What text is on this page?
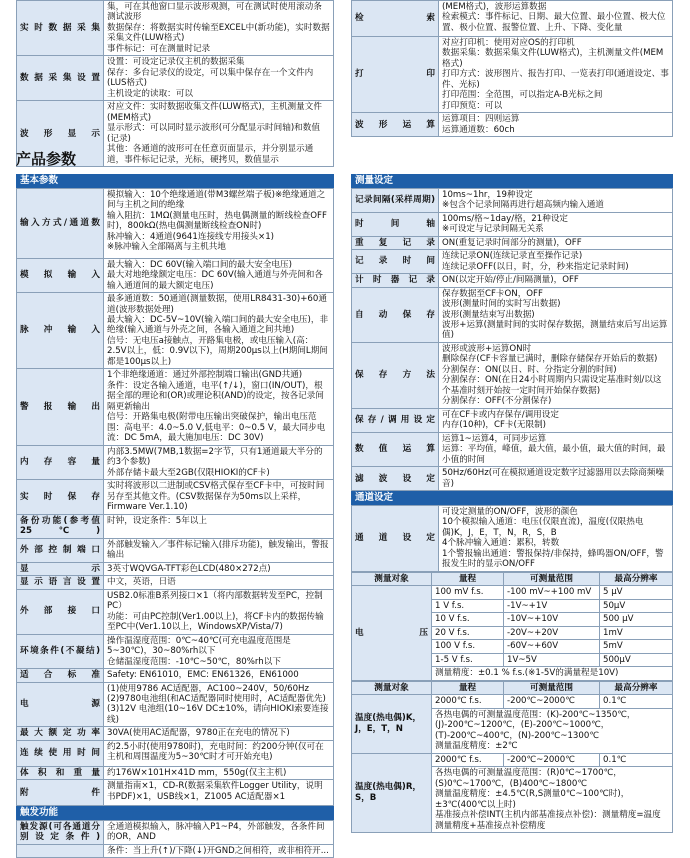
实时数据采集	集，可在其他窗口显示波形观测，可在测试时使用滚动条测试波形
数据保存：将数据实时传输至EXCEL中(新功能)，实时数据采集文件(LUW格式)
事件标记：可在测量时记录
数据采集设置	设置：可设定记录仪主机的数据采集
保存：多台记录仪的设定，可以集中保存在一个文件内(LUS格式)
主机设定的读取：可以
波形显示	对应文件：实时数据收集文件(LUW格式)，主机测量文件(MEM格式)
显示形式：可以同时显示波形(可分配显示时间轴)和数值(记录)
其他：各通道的波形可在任意页面显示，并分别显示通道，事件标记记录，光标，硬拷贝，数值显示
检索	(MEM格式)，波形运算数据
检索模式：事件标记、日期、最大位置、最小位置、极大位置、极小位置、报警位置、上升、下降、变化量
打印	对应打印机：使用对应OS的打印机
数据采集：数据采集文件(LUW格式)，主机测量文件(MEM格式)
打印方式：波形图片、报告打印、一览表打印(通道设定、事件、光标)
打印范围：全范围，可以指定A-B光标之间
打印预览：可以
波形运算	运算项目：四则运算
运算通道数：60ch
产品参数
基本参数
输入方式/通道数	模拟输入：10个绝缘通道(带M3螺丝端子板)※绝缘通道之间与主机之间的绝缘
输入阻抗：1MΩ(测量电压时，热电偶测量的断线检查OFF时)，800kΩ(热电偶测量断线检查ON时)
脉冲输入：4通道(9641连接线专用接头×1)
※脉冲输入全部隔离与主机共地
模拟输入	最大输入：DC 60V(输入端口间的最大安全电压)
最大对地绝缘额定电压：DC 60V(输入通道与外壳间和各输入通道间的最大额定电压)
脉冲输入	最多通道数：50通道(测量数据，使用LR8431-30)+60通道(波形数据处理)
最大输入：DC-5V~10V(输入端口间的最大安全电压)，非绝缘(输入通道与外壳之间，各输入通道之间共地)
信号：无电压a接触点，开路集电极，或电压输入(高：2.5V以上，低：0.9V以下)，周期200μs以上(H期间L期间都是100μs以上)
警报输出	1个非绝缘通道：通过外部控制端口输出(GND共通)
条件：设定各输入通道，电平(↑/↓)，窗口(IN/OUT)，根据全部的理论和(OR)或理论积(AND)的设定，按各记录间隔更新输出
信号：开路集电极(附带电压输出突破保护，输出电压范围：高电平：4.0~5.0 V,低电平：0~0.5 V，最大同步电流：DC 5mA，最大施加电压：DC 30V)
内存容量	内部3.5MW(7MB,1数据=2字节，只有1通道最大半分的约3个参数)
外部存储卡最大至2GB(仅限HIOKI的CF卡)
实时保存	实时将波形以二进制或CSV格式保存至CF卡中，可按时间另存至其他文件。(CSV数据保存为50ms以上采样，Firmware Ver.1.10)
备份功能(参考值25℃)	时钟，设定条件：5年以上
外部控制端口	外部触发输入／事件标记输入(排斥功能)，触发输出，警报输出
显示	3英寸WQVGA-TFT彩色LCD(480×272点)
显示语言设置	中文，英语，日语
外部接口	USB2.0标准B系列接口×1（将内部数据转发至PC，控制PC）
功能：可由PC控制(Ver1.00以上)，将CF卡内的数据传输至PC中(Ver1.10以上，WindowsXP/Vista/7)
环境条件(不凝结)	操作温湿度范围：0℃~40℃(可充电温度范围是5~30℃)，30~80%rh以下
仓储温湿度范围：-10℃~50℃，80%rh以下
适合标准	Safety: EN61010，EMC: EN61326，EN61000
电源	(1)使用9786 AC适配器，AC100~240V，50/60Hz
(2)9780电池组(和AC适配器同时使用时，AC适配器优先)
(3)12V 电池组(10~16V DC±10%，请向HIOKI索要连接线)
最大额定功率	30VA(使用AC适配器，9780正在充电的情况下)
连续使用时间	约2.5小时(使用9780时)，充电时间：约200分钟(仅可在主机和周围温度为5~30℃时才可开始充电)
体积和重量	约176W×101H×41D mm，550g(仅主主机)
附件	测量指南×1，CD-R(数据采集软件Logger Utility，说明书PDF)×1，USB线×1，Z1005 AC适配器×1
触发功能
触发源(可各通道分别设定条件)	全通道模拟输入，脉冲输入P1~P4，外部触发，各条件间的OR，AND
	条件：当上升(↑)/下降(↓)开GND之间相符，或非相符开...
测量设定
记录间隔(采样周期)	10ms~1hr，19种设定
※包含个记录间隔再进行超高频内输入通道
时间轴	100ms/格~1day/格，21种设定
※可设定与记录间隔无关系
重复记录	ON(重复记录时间部分的测量)，OFF
记录时间	连续记录ON(连续记录直至操作记录)
连续记录OFF(以日，时，分，秒来指定记录时间)
计时器记录	ON(以定开始/停止/间隔测量)，OFF
自动保存	保存数据至CF卡ON，OFF
波形(测量时间的实时写出数据)
波形(测量结束写出数据)
波形+运算(测量时间的实时保存数据，测量结束后写出运算值)
保存方法	波形或波形+运算ON时
删除保存(CF卡容量已满时，删除存储保存开始后的数据)
分割保存：ON(以日、时、分指定分割的时间)
分割保存：ON(在日24小时周期内只需设定基准时刻/以这个基准时刻开始按一定时间开始保存数据)
分割保存：OFF(不分割保存)
保存/调用设定	可在CF卡或内存保存/调用设定
内存(10种)，CF卡(无限制)
数值运算	运算1~运算4，可同步运算
运算：平均值，峰值，最大值，最小值，最大值的时间，最小值的时间
滤波设定	50Hz/60Hz(可在模拟通道设定数字过滤器用以去除商频噪音)
通道设定
通道设定	可设定测量的ON/OFF，波形的颜色
10个模拟输入通道：电压(仅限直流)，温度(仅限热电偶)K，J，E，T，N，R，S，B
4个脉冲输入通道：累积，转数
1个警报输出通道：警报保持/非保持，蜂鸣器ON/OFF，警报发生时的显示ON/OFF
测量对象	量程	可测量范围	最高分辨率
电压	100 mV f.s.	-100 mV~+100 mV	5 μV
	1 V f.s.	-1V~+1V	50μV
	10 V f.s.	-10V~+10V	500 μV
	20 V f.s.	-20V~+20V	1mV
	100 V f.s.	-60V~+60V	5mV
	1-5 V f.s.	1V~5V	500μV
	测量精度：±0.1 % f.s.(※1-5V的满量程是10V)		
测量对象	量程	可测量范围	最高分辨率
温度(热电偶)K，J，E，T，N	2000℃ f.s.	-200℃~2000℃	0.1℃
	各热电偶的可测量温度范围：(K)-200℃~1350℃，(J)-200℃~1200℃，(E)-200℃~1000℃，(T)-200℃~400℃，(N)-200℃~1300℃
测量温度精度：±2℃		
温度(热电偶)R，S，B	2000℃ f.s.	-200℃~2000℃	0.1℃
	各热电偶的可测量温度范围：(R)0℃~1700℃，(S)0℃~1700℃，(B)400℃~1800℃
测量温度精度：±4.5℃(R,S测量0℃~100℃时)，±3℃(400℃以上时)
基准接点补偿INT(主机内部基准接点补偿)：测量精度=温度测量精度+基准接点补偿精度		
